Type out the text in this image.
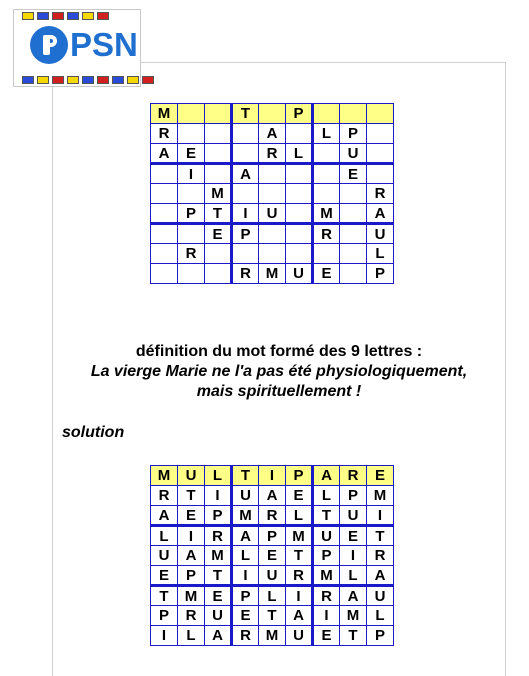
PSN
M			T		P			
R				A		L	P	
A	E			R	L		U	
	I		A				E	
		M						R
	P	T	I	U		M		A
		E	P			R		U
	R							L
			R	M	U	E		P
définition du mot formé des 9 lettres :
La vierge Marie ne l'a pas été physiologiquement,
mais spirituellement !
solution
M	U	L	T	I	P	A	R	E
R	T	I	U	A	E	L	P	M
A	E	P	M	R	L	T	U	I
L	I	R	A	P	M	U	E	T
U	A	M	L	E	T	P	I	R
E	P	T	I	U	R	M	L	A
T	M	E	P	L	I	R	A	U
P	R	U	E	T	A	I	M	L
I	L	A	R	M	U	E	T	P
